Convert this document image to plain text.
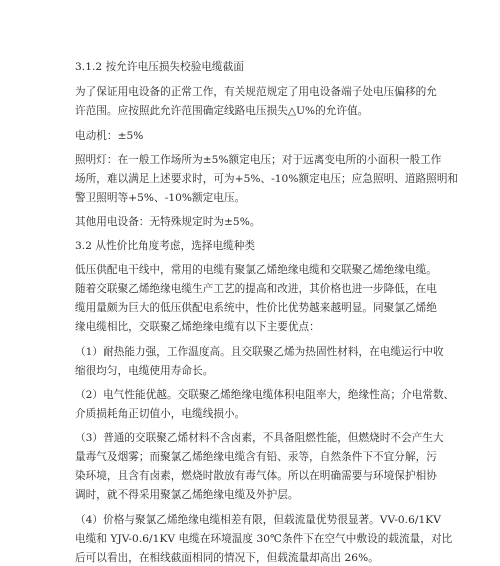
3.1.2 按允许电压损失校验电缆截面
为了保证用电设备的正常工作，有关规范规定了用电设备端子处电压偏移的允
许范围。应按照此允许范围确定线路电压损失△U%的允许值。
电动机：±5%
照明灯：在一般工作场所为±5%额定电压；对于远离变电所的小面积一般工作
场所，难以满足上述要求时，可为+5%、-10%额定电压；应急照明、道路照明和
警卫照明等+5%、-10%额定电压。
其他用电设备：无特殊规定时为±5%。
3.2 从性价比角度考虑，选择电缆种类
低压供配电干线中，常用的电缆有聚氯乙烯绝缘电缆和交联聚乙烯绝缘电缆。
随着交联聚乙烯绝缘电缆生产工艺的提高和改进，其价格也进一步降低，在电
缆用量颇为巨大的低压供配电系统中，性价比优势越来越明显。同聚氯乙烯绝
缘电缆相比，交联聚乙烯绝缘电缆有以下主要优点：
（1）耐热能力强，工作温度高。且交联聚乙烯为热固性材料，在电缆运行中收
缩很均匀，电缆使用寿命长。
（2）电气性能优越。交联聚乙烯绝缘电缆体积电阻率大，绝缘性高；介电常数、
介质损耗角正切值小，电缆线损小。
（3）普通的交联聚乙烯材料不含卤素，不具备阻燃性能，但燃烧时不会产生大
量毒气及烟雾；而聚氯乙烯绝缘电缆含有铅、汞等，自然条件下不宜分解，污
染环境，且含有卤素，燃烧时散放有毒气体。所以在明确需要与环境保护相协
调时，就不得采用聚氯乙烯绝缘电缆及外护层。
（4）价格与聚氯乙烯绝缘电缆相差有限，但载流量优势很显著。VV-0.6/1KV
电缆和 YJV-0.6/1KV 电缆在环境温度 30℃条件下在空气中敷设的载流量，对比
后可以看出，在相线截面相同的情况下，但载流量却高出 26%。
